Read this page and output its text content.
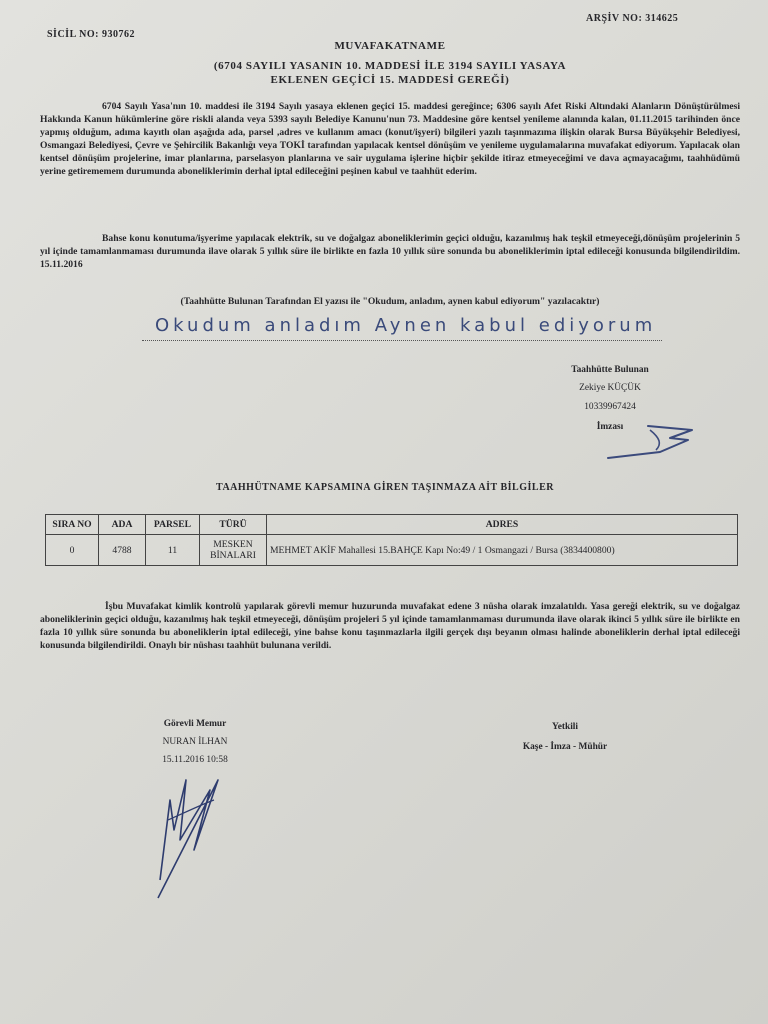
SİCİL NO: 930762
ARŞİV NO: 314625
MUVAFAKATNAME
(6704 SAYILI YASANIN 10. MADDESİ İLE 3194 SAYILI YASAYA
EKLENEN GEÇİCİ 15. MADDESİ GEREĞİ)
6704 Sayılı Yasa'nın 10. maddesi ile 3194 Sayılı yasaya eklenen geçici 15. maddesi gereğince; 6306 sayılı Afet Riski Altındaki Alanların Dönüştürülmesi Hakkında Kanun hükümlerine göre riskli alanda veya 5393 sayılı Belediye Kanunu'nun 73. Maddesine göre kentsel yenileme alanında kalan, 01.11.2015 tarihinden önce yapmış olduğum, adıma kayıtlı olan aşağıda ada, parsel ,adres ve kullanım amacı (konut/işyeri) bilgileri yazılı taşınmazıma ilişkin olarak Bursa Büyükşehir Belediyesi, Osmangazi Belediyesi, Çevre ve Şehircilik Bakanlığı veya TOKİ tarafından yapılacak kentsel dönüşüm ve yenileme uygulamalarına muvafakat ediyorum. Yapılacak olan kentsel dönüşüm projelerine, imar planlarına, parselasyon planlarına ve sair uygulama işlerine hiçbir şekilde itiraz etmeyeceğimi ve dava açmayacağımı, taahhüdümü yerine getirememem durumunda aboneliklerimin derhal iptal edileceğini peşinen kabul ve taahhüt ederim.
Bahse konu konutuma/işyerime yapılacak elektrik, su ve doğalgaz aboneliklerimin geçici olduğu, kazanılmış hak teşkil etmeyeceği,dönüşüm projelerinin 5 yıl içinde tamamlanmaması durumunda ilave olarak 5 yıllık süre ile birlikte en fazla 10 yıllık süre sonunda bu aboneliklerimin iptal edileceği konusunda bilgilendirildim. 15.11.2016
(Taahhütte Bulunan Tarafından El yazısı ile "Okudum, anladım, aynen kabul ediyorum" yazılacaktır)
Okudum anladım Aynen kabul ediyorum
Taahhütte Bulunan
Zekiye KÜÇÜK
10339967424
İmzası
TAAHHÜTNAME KAPSAMINA GİREN TAŞINMAZA AİT BİLGİLER
SIRA NO	ADA	PARSEL	TÜRÜ	ADRES
0	4788	11	MESKEN BİNALARI	MEHMET AKİF Mahallesi 15.BAHÇE Kapı No:49 / 1 Osmangazi / Bursa (3834400800)
İşbu Muvafakat kimlik kontrolü yapılarak görevli memur huzurunda muvafakat edene 3 nüsha olarak imzalatıldı. Yasa gereği elektrik, su ve doğalgaz aboneliklerinin geçici olduğu, kazanılmış hak teşkil etmeyeceği, dönüşüm projeleri 5 yıl içinde tamamlanmaması durumunda ilave olarak ikinci 5 yıllık süre ile birlikte en fazla 10 yıllık süre sonunda bu aboneliklerin iptal edileceği, yine bahse konu taşınmazlarla ilgili gerçek dışı beyanın olması halinde aboneliklerin derhal iptal edileceği konusunda bilgilendirildi. Onaylı bir nüshası taahhüt bulunana verildi.
Görevli Memur
NURAN İLHAN
15.11.2016 10:58
Yetkili
Kaşe - İmza - Mühür
